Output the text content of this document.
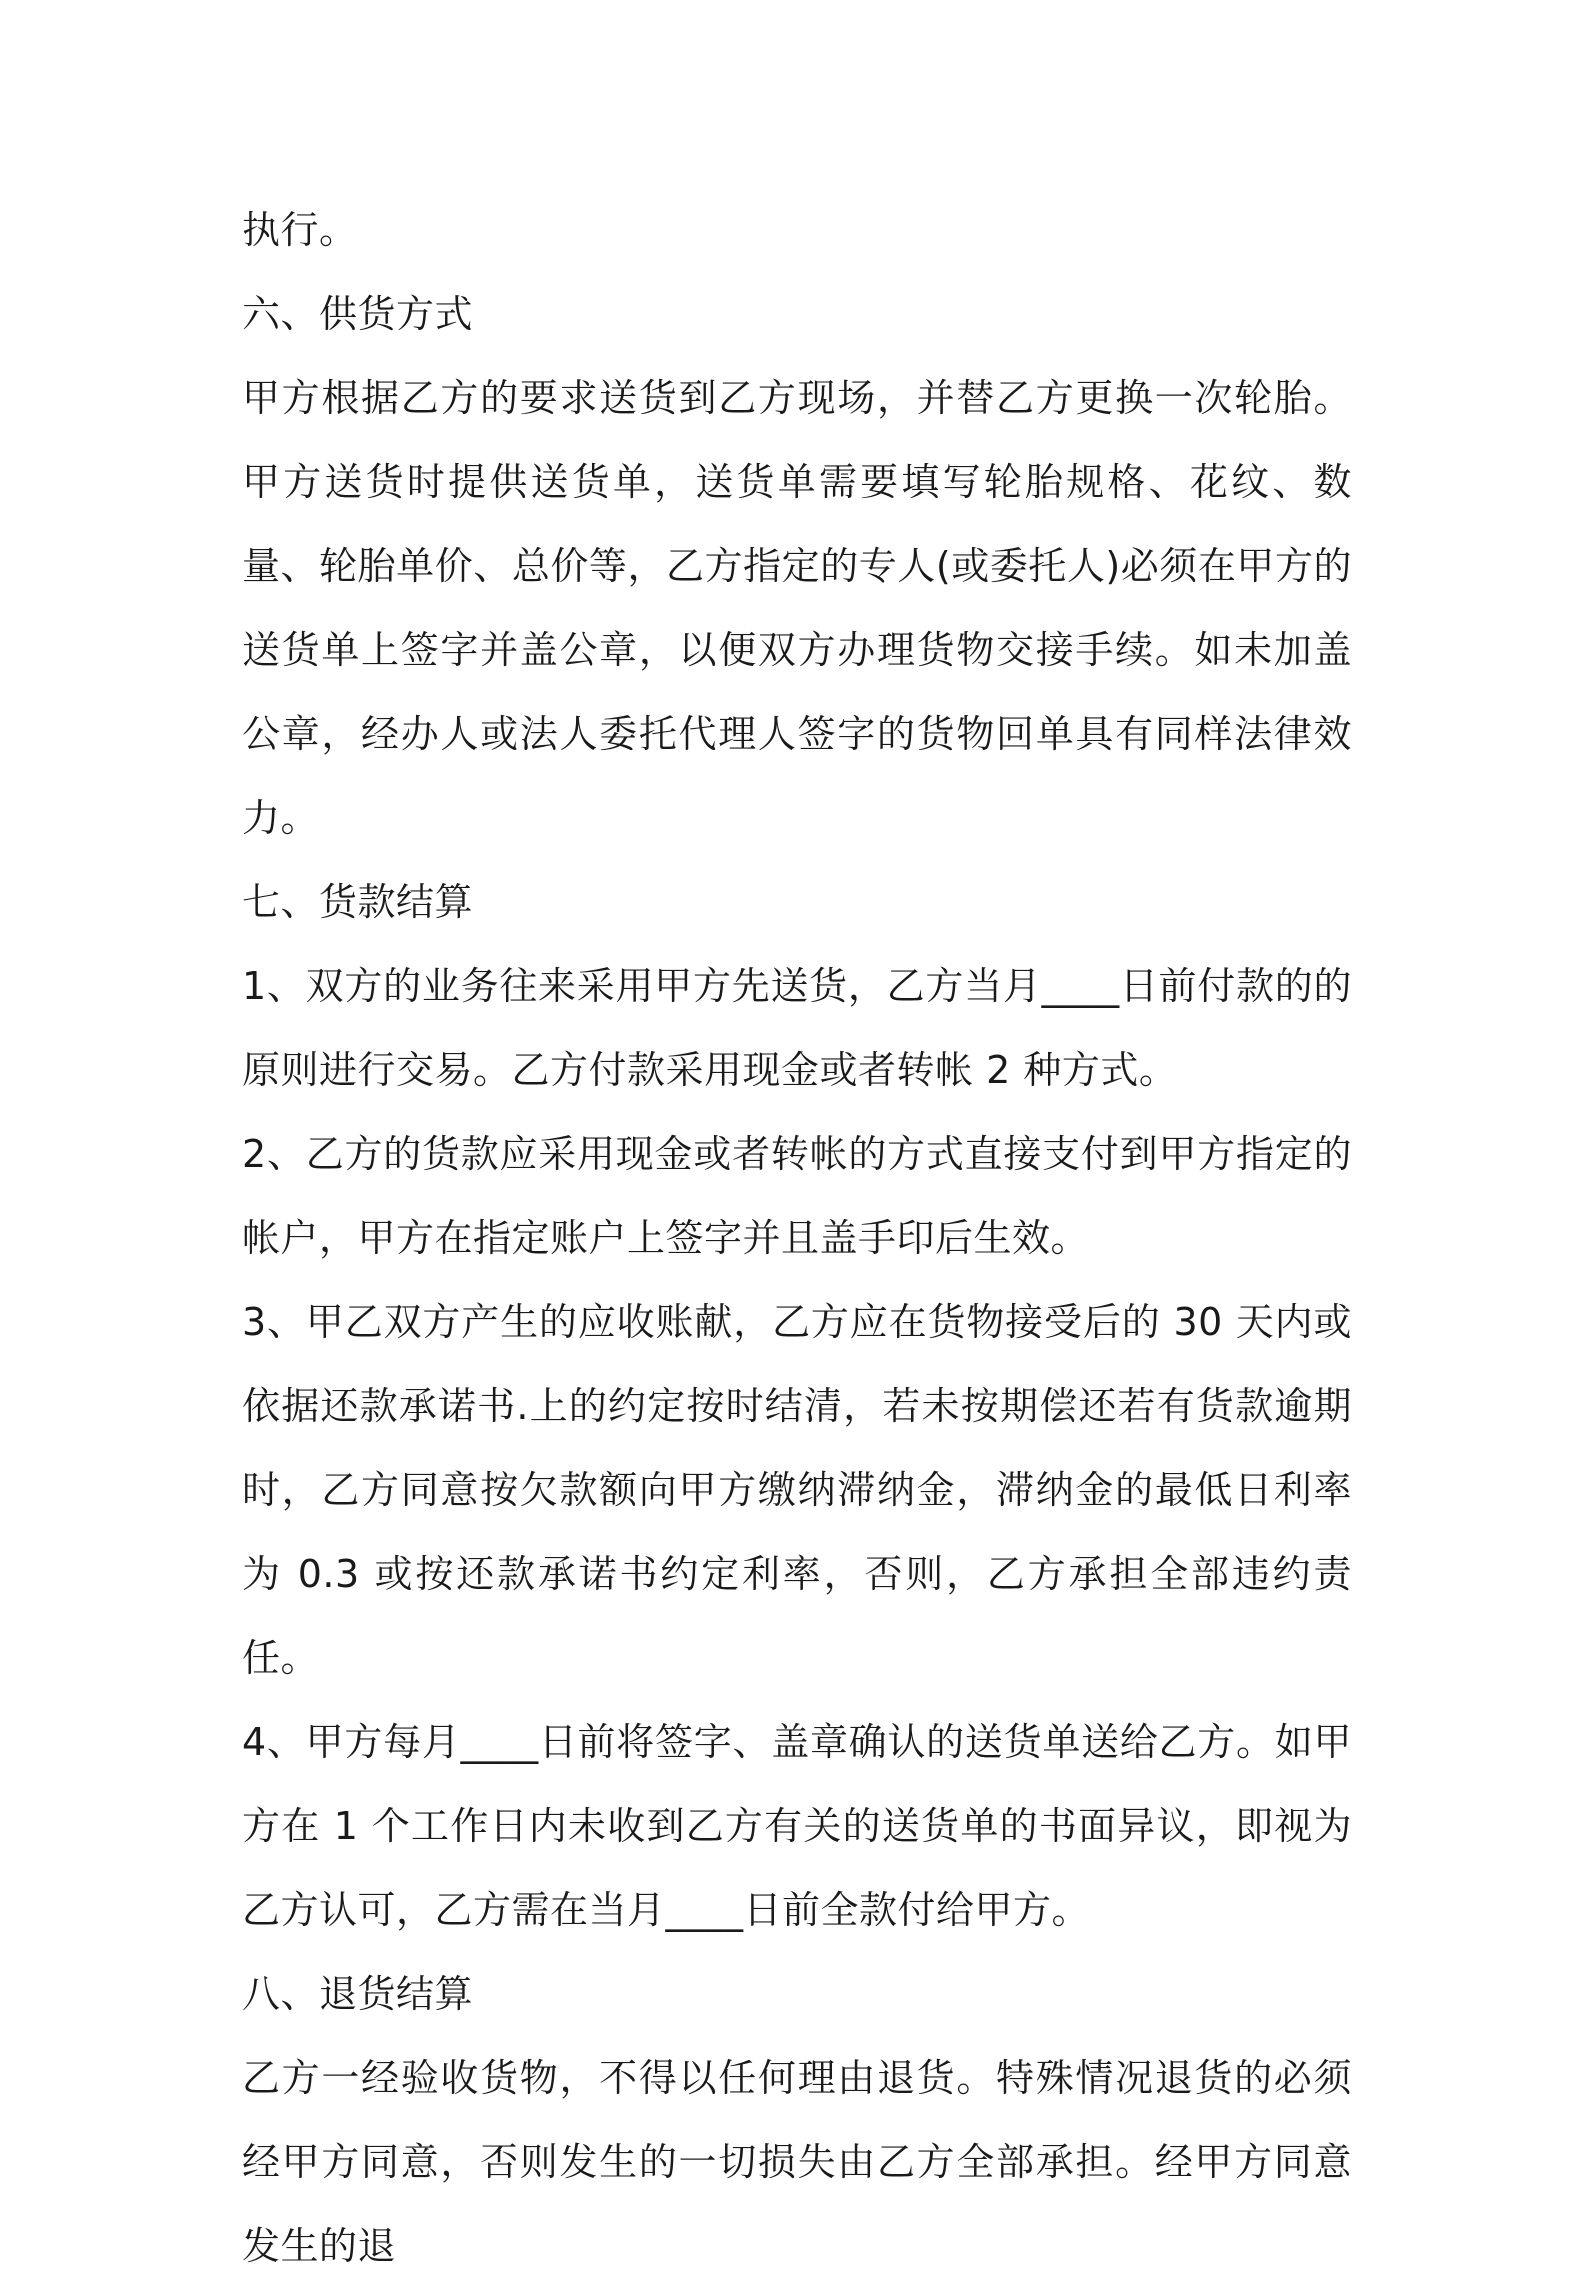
执行。

六、供货方式

甲方根据乙方的要求送货到乙方现场，并替乙方更换一次轮胎。甲方送货时提供送货单，送货单需要填写轮胎规格、花纹、数量、轮胎单价、总价等，乙方指定的专人(或委托人)必须在甲方的送货单上签字并盖公章，以便双方办理货物交接手续。如未加盖公章，经办人或法人委托代理人签字的货物回单具有同样法律效力。

七、货款结算

1、双方的业务往来采用甲方先送货，乙方当月____日前付款的的原则进行交易。乙方付款采用现金或者转帐 2 种方式。

2、乙方的货款应采用现金或者转帐的方式直接支付到甲方指定的帐户，甲方在指定账户上签字并且盖手印后生效。

3、甲乙双方产生的应收账献，乙方应在货物接受后的 30 天内或依据还款承诺书.上的约定按时结清，若未按期偿还若有货款逾期时，乙方同意按欠款额向甲方缴纳滞纳金，滞纳金的最低日利率为 0.3 或按还款承诺书约定利率，否则，乙方承担全部违约责任。

4、甲方每月____日前将签字、盖章确认的送货单送给乙方。如甲方在 1 个工作日内未收到乙方有关的送货单的书面异议，即视为乙方认可，乙方需在当月____日前全款付给甲方。

八、退货结算

乙方一经验收货物，不得以任何理由退货。特殊情况退货的必须经甲方同意，否则发生的一切损失由乙方全部承担。经甲方同意发生的退
